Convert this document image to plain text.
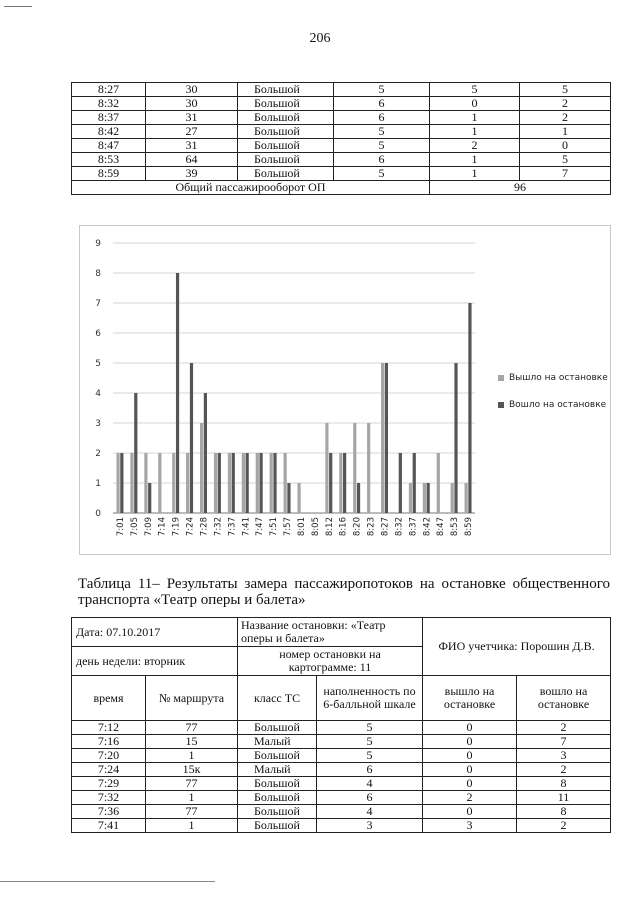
206
8:27	30	Большой	5	5	5
8:32	30	Большой	6	0	2
8:37	31	Большой	6	1	2
8:42	27	Большой	5	1	1
8:47	31	Большой	5	2	0
8:53	64	Большой	6	1	5
8:59	39	Большой	5	1	7
Общий пассажирооборот ОП				96	
0
1
2
3
4
5
6
7
8
9
7:01 7:05 7:09 7:14 7:19 7:24 7:28 7:32 7:37 7:41 7:47 7:51 7:57 8:01 8:05 8:12 8:16 8:20 8:23 8:27 8:32 8:37 8:42 8:47 8:53 8:59
Вышло на остановке
Вошло на остановке
Таблица 11– Результаты замера пассажиропотоков на остановке общественного транспорта «Театр оперы и балета»
Дата: 07.10.2017		Название остановки: «Театр оперы и балета»		ФИО учетчика: Порошин Д.В.	
день недели: вторник		номер остановки на картограмме: 11			
время	№ маршрута	класс ТС	наполненность по 6-балльной шкале	вышло на остановке	вошло на остановке
7:12	77	Большой	5	0	2
7:16	15	Малый	5	0	7
7:20	1	Большой	5	0	3
7:24	15к	Малый	6	0	2
7:29	77	Большой	4	0	8
7:32	1	Большой	6	2	11
7:36	77	Большой	4	0	8
7:41	1	Большой	3	3	2
